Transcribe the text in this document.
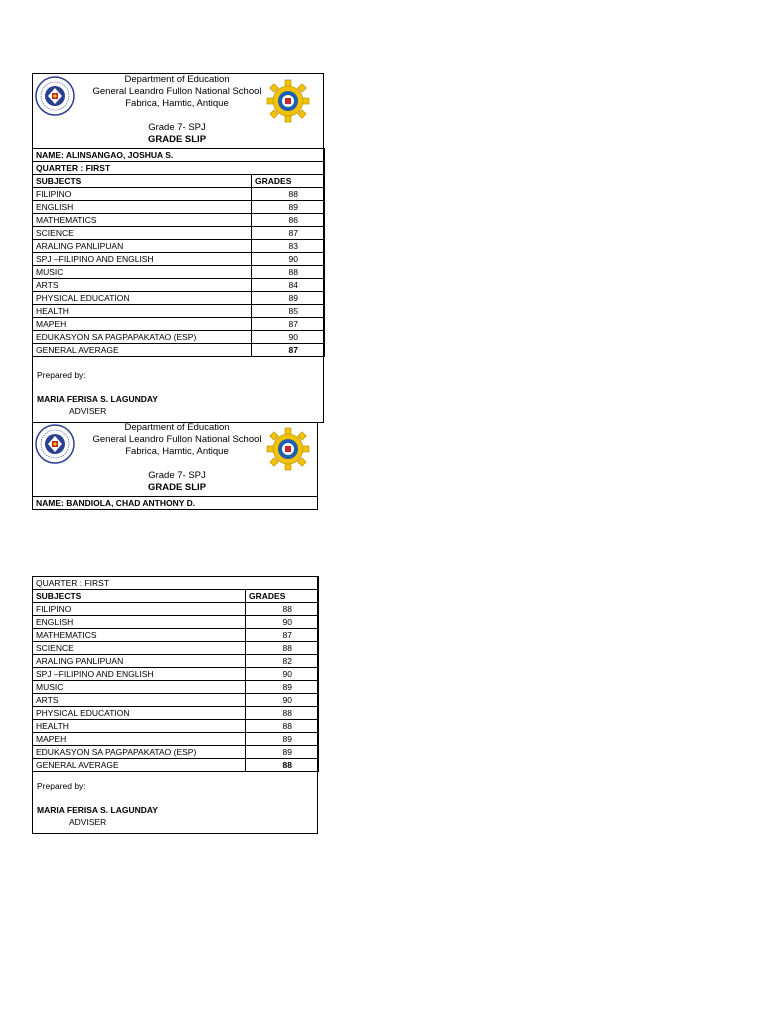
Department of Education
General Leandro Fullon National School
Fabrica, Hamtic, Antique
Grade 7- SPJ
GRADE SLIP
NAME: ALINSANGAO, JOSHUA S.	
QUARTER : FIRST	
SUBJECTS	GRADES
FILIPINO	88
ENGLISH	89
MATHEMATICS	86
SCIENCE	87
ARALING PANLIPUAN	83
SPJ –FILIPINO AND ENGLISH	90
MUSIC	88
ARTS	84
PHYSICAL EDUCATION	89
HEALTH	85
MAPEH	87
EDUKASYON SA PAGPAPAKATAO (ESP)	90
GENERAL AVERAGE	87
Prepared by:
MARIA FERISA S. LAGUNDAY
ADVISER
Department of Education
General Leandro Fullon National School
Fabrica, Hamtic, Antique
Grade 7- SPJ
GRADE SLIP
NAME: BANDIOLA, CHAD ANTHONY D.
QUARTER : FIRST	
SUBJECTS	GRADES
FILIPINO	88
ENGLISH	90
MATHEMATICS	87
SCIENCE	88
ARALING PANLIPUAN	82
SPJ –FILIPINO AND ENGLISH	90
MUSIC	89
ARTS	90
PHYSICAL EDUCATION	88
HEALTH	88
MAPEH	89
EDUKASYON SA PAGPAPAKATAO (ESP)	89
GENERAL AVERAGE	88
Prepared by:
MARIA FERISA S. LAGUNDAY
ADVISER
